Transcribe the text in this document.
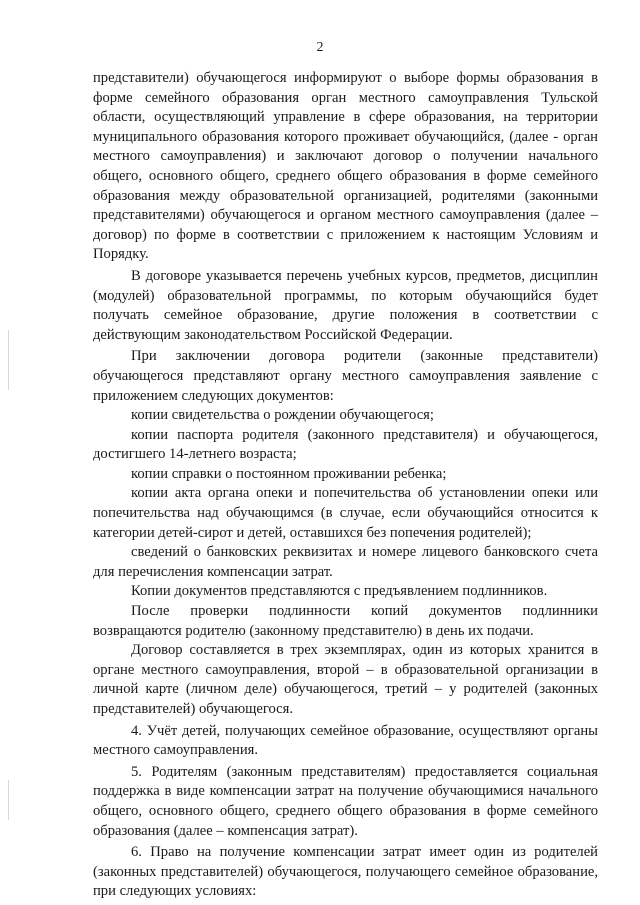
2

представители) обучающегося информируют о выборе формы образования в форме семейного образования орган местного самоуправления Тульской области, осуществляющий управление в сфере образования, на территории муниципального образования которого проживает обучающийся, (далее - орган местного самоуправления) и заключают договор о получении начального общего, основного общего, среднего общего образования в форме семейного образования между образовательной организацией, родителями (законными представителями) обучающегося и органом местного самоуправления (далее – договор) по форме в соответствии с приложением к настоящим Условиям и Порядку.

В договоре указывается перечень учебных курсов, предметов, дисциплин (модулей) образовательной программы, по которым обучающийся будет получать семейное образование, другие положения в соответствии с действующим законодательством Российской Федерации.

При заключении договора родители (законные представители) обучающегося представляют органу местного самоуправления заявление с приложением следующих документов:

копии свидетельства о рождении обучающегося;

копии паспорта родителя (законного представителя) и обучающегося, достигшего 14-летнего возраста;

копии справки о постоянном проживании ребенка;

копии акта органа опеки и попечительства об установлении опеки или попечительства над обучающимся (в случае, если обучающийся относится к категории детей-сирот и детей, оставшихся без попечения родителей);

сведений о банковских реквизитах и номере лицевого банковского счета для перечисления компенсации затрат.

Копии документов представляются с предъявлением подлинников.

После проверки подлинности копий документов подлинники возвращаются родителю (законному представителю) в день их подачи.

Договор составляется в трех экземплярах, один из которых хранится в органе местного самоуправления, второй – в образовательной организации в личной карте (личном деле) обучающегося, третий – у родителей (законных представителей) обучающегося.

4. Учёт детей, получающих семейное образование, осуществляют органы местного самоуправления.

5. Родителям (законным представителям) предоставляется социальная поддержка в виде компенсации затрат на получение обучающимися начального общего, основного общего, среднего общего образования в форме семейного образования (далее – компенсация затрат).

6. Право на получение компенсации затрат имеет один из родителей (законных представителей) обучающегося, получающего семейное образование, при следующих условиях:
